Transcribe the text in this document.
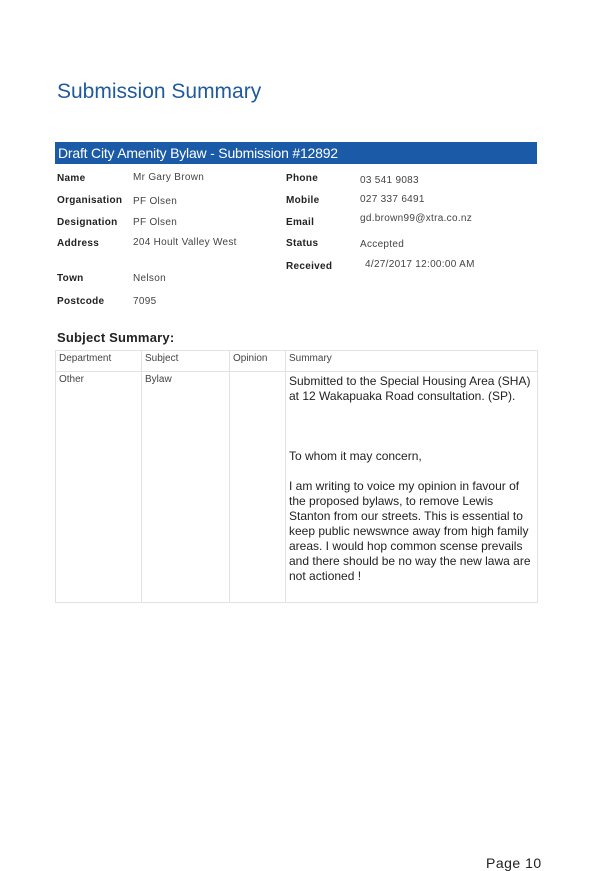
Submission Summary
Draft City Amenity Bylaw - Submission #12892
Name	Mr Gary Brown
Organisation PF Olsen
Designation PF Olsen
Address	204 Hoult Valley West
Town	Nelson
Postcode	7095
Phone	03 541 9083
Mobile	027 337 6491
Email	gd.brown99@xtra.co.nz
Status	Accepted
Received	4/27/2017 12:00:00 AM
Subject Summary:
Department	Subject	Opinion	Summary
Other	Bylaw		Submitted to the Special Housing Area (SHA) at 12 Wakapuaka Road consultation. (SP).

To whom it may concern,

I am writing to voice my opinion in favour of the proposed bylaws, to remove Lewis Stanton from our streets. This is essential to keep public newswnce away from high family areas. I would hop common scense prevails and there should be no way the new lawa are not actioned !

Page 10
